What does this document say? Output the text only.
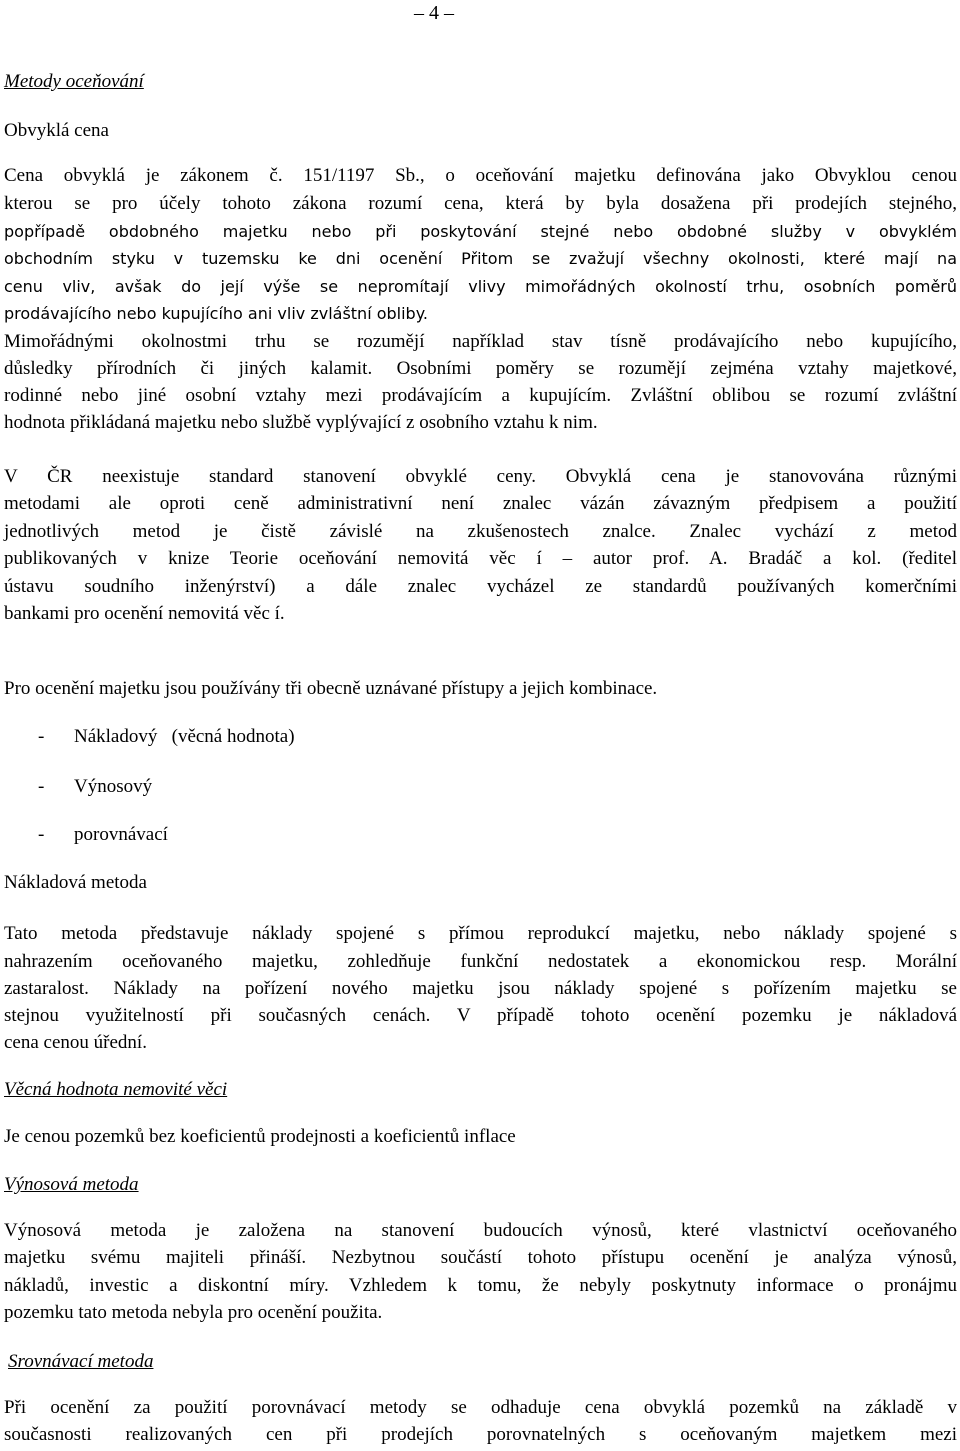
– 4 –

Metody oceňování

Obvyklá cena

Cena obvyklá je zákonem č. 151/1197 Sb., o oceňování majetku definována jako Obvyklou cenou

kterou se pro účely tohoto zákona rozumí cena, která by byla dosažena při prodejích stejného,

popřípadě obdobného majetku nebo při poskytování stejné nebo obdobné služby v obvyklém

obchodním styku v tuzemsku ke dni ocenění Přitom se zvažují všechny okolnosti, které mají na

cenu vliv, avšak do její výše se nepromítají vlivy mimořádných okolností trhu, osobních poměrů

prodávajícího nebo kupujícího ani vliv zvláštní obliby.

Mimořádnými okolnostmi trhu se rozumějí například stav tísně prodávajícího nebo kupujícího,

důsledky přírodních či jiných kalamit. Osobními poměry se rozumějí zejména vztahy majetkové,

rodinné nebo jiné osobní vztahy mezi prodávajícím a kupujícím. Zvláštní oblibou se rozumí zvláštní

hodnota přikládaná majetku nebo službě vyplývající z osobního vztahu k nim.

V ČR neexistuje standard stanovení obvyklé ceny. Obvyklá cena je stanovována různými

metodami ale oproti ceně administrativní není znalec vázán závazným předpisem a použití

jednotlivých metod je čistě závislé na zkušenostech znalce. Znalec vychází z metod

publikovaných v knize Teorie oceňování nemovitá věc í – autor prof. A. Bradáč a kol. (ředitel

ústavu soudního inženýrství) a dále znalec vycházel ze standardů používaných komerčními

bankami pro ocenění nemovitá věc í.

Pro ocenění majetku jsou používány tři obecně uznávané přístupy a jejich kombinace.

- Nákladový   (věcná hodnota)
- Výnosový
- porovnávací

Nákladová metoda

Tato metoda představuje náklady spojené s přímou reprodukcí majetku, nebo náklady spojené s

nahrazením oceňovaného majetku, zohledňuje funkční nedostatek a ekonomickou resp. Morální

zastaralost. Náklady na pořízení nového majetku jsou náklady spojené s pořízením majetku se

stejnou využitelností při současných cenách. V případě tohoto ocenění pozemku je nákladová

cena cenou úřední.

Věcná hodnota nemovité věci

Je cenou pozemků bez koeficientů prodejnosti a koeficientů inflace

Výnosová metoda

Výnosová metoda je založena na stanovení budoucích výnosů, které vlastnictví oceňovaného

majetku svému majiteli přináší. Nezbytnou součástí tohoto přístupu ocenění je analýza výnosů,

nákladů, investic a diskontní míry. Vzhledem k tomu, že nebyly poskytnuty informace o pronájmu

pozemku tato metoda nebyla pro ocenění použita.

Srovnávací metoda

Při ocenění za použití porovnávací metody se odhaduje cena obvyklá pozemků na základě v

současnosti realizovaných cen při prodejích porovnatelných s oceňovaným majetkem mezi
